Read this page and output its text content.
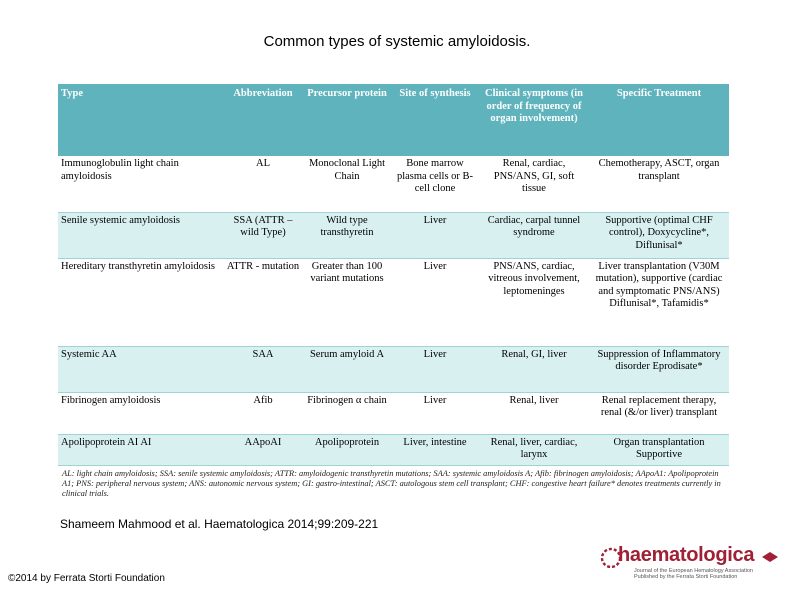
Common types of systemic amyloidosis.
Type	Abbreviation	Precursor protein	Site of synthesis	Clinical symptoms (in order of frequency of organ involvement)	Specific Treatment
Immunoglobulin light chain amyloidosis	AL	Monoclonal Light Chain	Bone marrow plasma cells or B-cell clone	Renal, cardiac, PNS/ANS, GI, soft tissue	Chemotherapy, ASCT, organ transplant
Senile systemic amyloidosis	SSA (ATTR – wild Type)	Wild type transthyretin	Liver	Cardiac, carpal tunnel syndrome	Supportive (optimal CHF control), Doxycycline*, Diflunisal*
Hereditary transthyretin amyloidosis	ATTR - mutation	Greater than 100 variant mutations	Liver	PNS/ANS, cardiac, vitreous involvement, leptomeninges	Liver transplantation (V30M mutation), supportive (cardiac and symptomatic PNS/ANS) Diflunisal*, Tafamidis*
Systemic AA	SAA	Serum amyloid A	Liver	Renal, GI, liver	Suppression of Inflammatory disorder Eprodisate*
Fibrinogen amyloidosis	Afib	Fibrinogen α chain	Liver	Renal, liver	Renal replacement therapy, renal (&/or liver) transplant
Apolipoprotein AI AI	AApoAI	Apolipoprotein	Liver, intestine	Renal, liver, cardiac, larynx	Organ transplantation Supportive
AL: light chain amyloidosis; SSA: senile systemic amyloidosis; ATTR: amyloidogenic transthyretin mutations; SAA: systemic amyloidosis A; Afib: fibrinogen amyloidosis; AApoA1: Apolipoprotein A1; PNS: peripheral nervous system; ANS: autonomic nervous system; GI: gastro-intestinal; ASCT: autologous stem cell transplant; CHF: congestive heart failure* denotes treatments currently in clinical trials.
Shameem Mahmood et al. Haematologica 2014;99:209-221
©2014 by Ferrata Storti Foundation
haematologica
Journal of the European Hematology Association
Published by the Ferrata Storti Foundation
